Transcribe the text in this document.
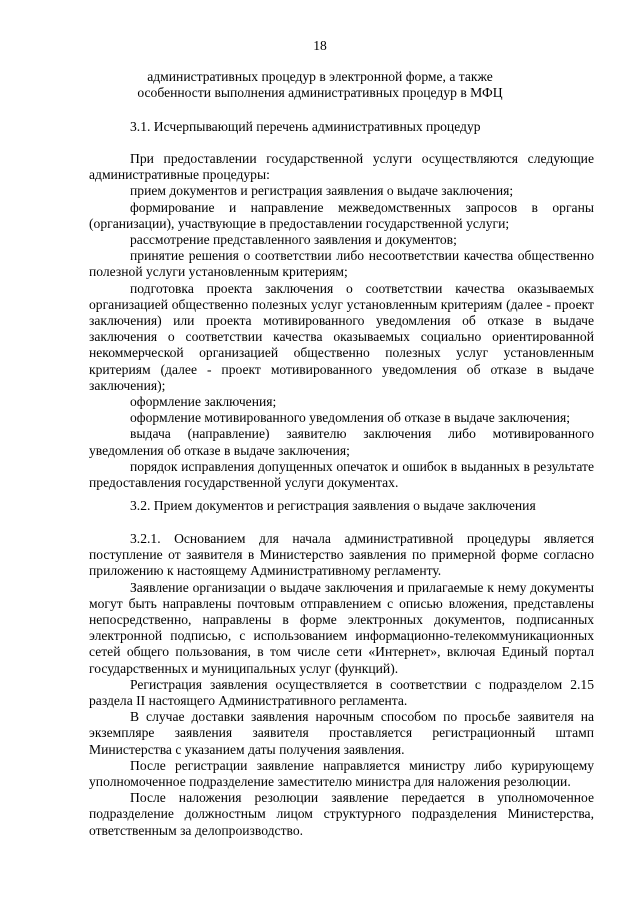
18
административных процедур в электронной форме, а также
особенности выполнения административных процедур в МФЦ
3.1. Исчерпывающий перечень административных процедур

При предоставлении государственной услуги осуществляются следующие административные процедуры:

прием документов и регистрация заявления о выдаче заключения;

формирование и направление межведомственных запросов в органы (организации), участвующие в предоставлении государственной услуги;

рассмотрение представленного заявления и документов;

принятие решения о соответствии либо несоответствии качества общественно полезной услуги установленным критериям;

подготовка проекта заключения о соответствии качества оказываемых организацией общественно полезных услуг установленным критериям (далее - проект заключения) или проекта мотивированного уведомления об отказе в выдаче заключения о соответствии качества оказываемых социально ориентированной некоммерческой организацией общественно полезных услуг установленным критериям (далее - проект мотивированного уведомления об отказе в выдаче заключения);

оформление заключения;

оформление мотивированного уведомления об отказе в выдаче заключения;

выдача (направление) заявителю заключения либо мотивированного уведомления об отказе в выдаче заключения;

порядок исправления допущенных опечаток и ошибок в выданных в результате предоставления государственной услуги документах.

3.2. Прием документов и регистрация заявления о выдаче заключения

3.2.1. Основанием для начала административной процедуры является поступление от заявителя в Министерство заявления по примерной форме согласно приложению к настоящему Административному регламенту.

Заявление организации о выдаче заключения и прилагаемые к нему документы могут быть направлены почтовым отправлением с описью вложения, представлены непосредственно, направлены в форме электронных документов, подписанных электронной подписью, с использованием информационно-телекоммуникационных сетей общего пользования, в том числе сети «Интернет», включая Единый портал государственных и муниципальных услуг (функций).

Регистрация заявления осуществляется в соответствии с подразделом 2.15 раздела II настоящего Административного регламента.

В случае доставки заявления нарочным способом по просьбе заявителя на экземпляре заявления заявителя проставляется регистрационный штамп Министерства с указанием даты получения заявления.

После регистрации заявление направляется министру либо курирующему уполномоченное подразделение заместителю министра для наложения резолюции.

После наложения резолюции заявление передается в уполномоченное подразделение должностным лицом структурного подразделения Министерства, ответственным за делопроизводство.
